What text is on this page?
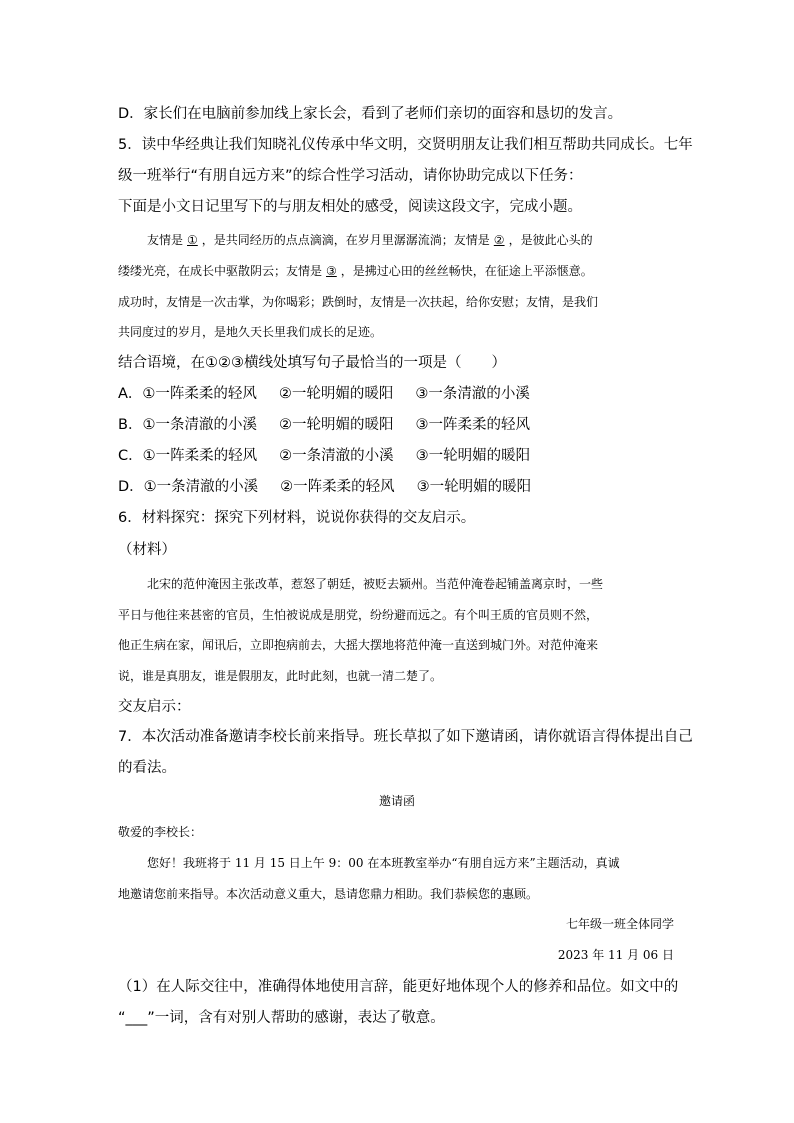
D．家长们在电脑前参加线上家长会，看到了老师们亲切的面容和恳切的发言。
5．读中华经典让我们知晓礼仪传承中华文明，交贤明朋友让我们相互帮助共同成长。七年
级一班举行“有朋自远方来”的综合性学习活动，请你协助完成以下任务：
下面是小文日记里写下的与朋友相处的感受，阅读这段文字，完成小题。
友情是 ① ，是共同经历的点点滴滴，在岁月里潺潺流淌；友情是 ② ，是彼此心头的
缕缕光亮，在成长中驱散阴云；友情是 ③ ，是拂过心田的丝丝畅快，在征途上平添惬意。
成功时，友情是一次击掌，为你喝彩；跌倒时，友情是一次扶起，给你安慰；友情，是我们
共同度过的岁月，是地久天长里我们成长的足迹。
结合语境，在①②③横线处填写句子最恰当的一项是（ ）
A．①一阵柔柔的轻风 ②一轮明媚的暖阳 ③一条清澈的小溪
B．①一条清澈的小溪 ②一轮明媚的暖阳 ③一阵柔柔的轻风
C．①一阵柔柔的轻风 ②一条清澈的小溪 ③一轮明媚的暖阳
D．①一条清澈的小溪 ②一阵柔柔的轻风 ③一轮明媚的暖阳
6．材料探究：探究下列材料，说说你获得的交友启示。
（材料）
北宋的范仲淹因主张改革，惹怒了朝廷，被贬去颍州。当范仲淹卷起铺盖离京时，一些
平日与他往来甚密的官员，生怕被说成是朋党，纷纷避而远之。有个叫王质的官员则不然，
他正生病在家，闻讯后，立即抱病前去，大摇大摆地将范仲淹一直送到城门外。对范仲淹来
说，谁是真朋友，谁是假朋友，此时此刻，也就一清二楚了。
交友启示：
7．本次活动准备邀请李校长前来指导。班长草拟了如下邀请函，请你就语言得体提出自己
的看法。
邀请函
敬爱的李校长：
您好！我班将于 11 月 15 日上午 9：00 在本班教室举办“有朋自远方来”主题活动，真诚
地邀请您前来指导。本次活动意义重大，恳请您鼎力相助。我们恭候您的惠顾。
七年级一班全体同学
2023 年 11 月 06 日
（1）在人际交往中，准确得体地使用言辞，能更好地体现个人的修养和品位。如文中的
“___”一词，含有对别人帮助的感谢，表达了敬意。
